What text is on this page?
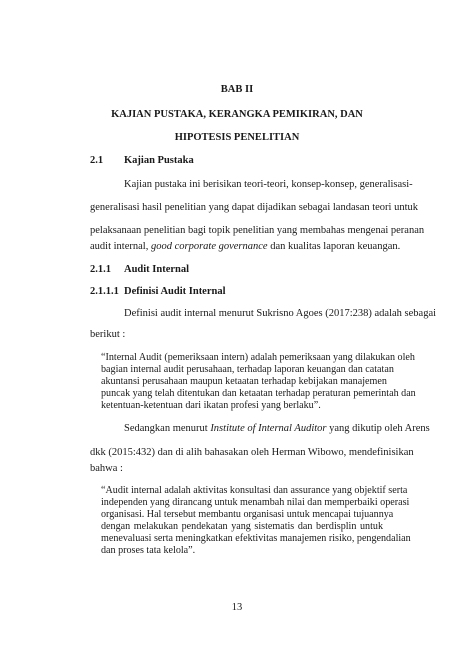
BAB II
KAJIAN PUSTAKA, KERANGKA PEMIKIRAN, DAN
HIPOTESIS PENELITIAN
2.1 Kajian Pustaka
Kajian pustaka ini berisikan teori-teori, konsep-konsep, generalisasi-
generalisasi hasil penelitian yang dapat dijadikan sebagai landasan teori untuk
pelaksanaan penelitian bagi topik penelitian yang membahas mengenai peranan
audit internal, good corporate governance dan kualitas laporan keuangan.
2.1.1 Audit Internal
2.1.1.1 Definisi Audit Internal
Definisi audit internal menurut Sukrisno Agoes (2017:238) adalah sebagai
berikut :
“Internal Audit (pemeriksaan intern) adalah pemeriksaan yang dilakukan oleh
bagian internal audit perusahaan, terhadap laporan keuangan dan catatan
akuntansi perusahaan maupun ketaatan terhadap kebijakan manajemen
puncak yang telah ditentukan dan ketaatan terhadap peraturan pemerintah dan
ketentuan-ketentuan dari ikatan profesi yang berlaku”.
Sedangkan menurut Institute of Internal Auditor yang dikutip oleh Arens
dkk (2015:432) dan di alih bahasakan oleh Herman Wibowo, mendefinisikan
bahwa :
“Audit internal adalah aktivitas konsultasi dan assurance yang objektif serta
independen yang dirancang untuk menambah nilai dan memperbaiki operasi
organisasi. Hal tersebut membantu organisasi untuk mencapai tujuannya
dengan melakukan pendekatan yang sistematis dan berdisplin untuk
menevaluasi serta meningkatkan efektivitas manajemen risiko, pengendalian
dan proses tata kelola”.
13
